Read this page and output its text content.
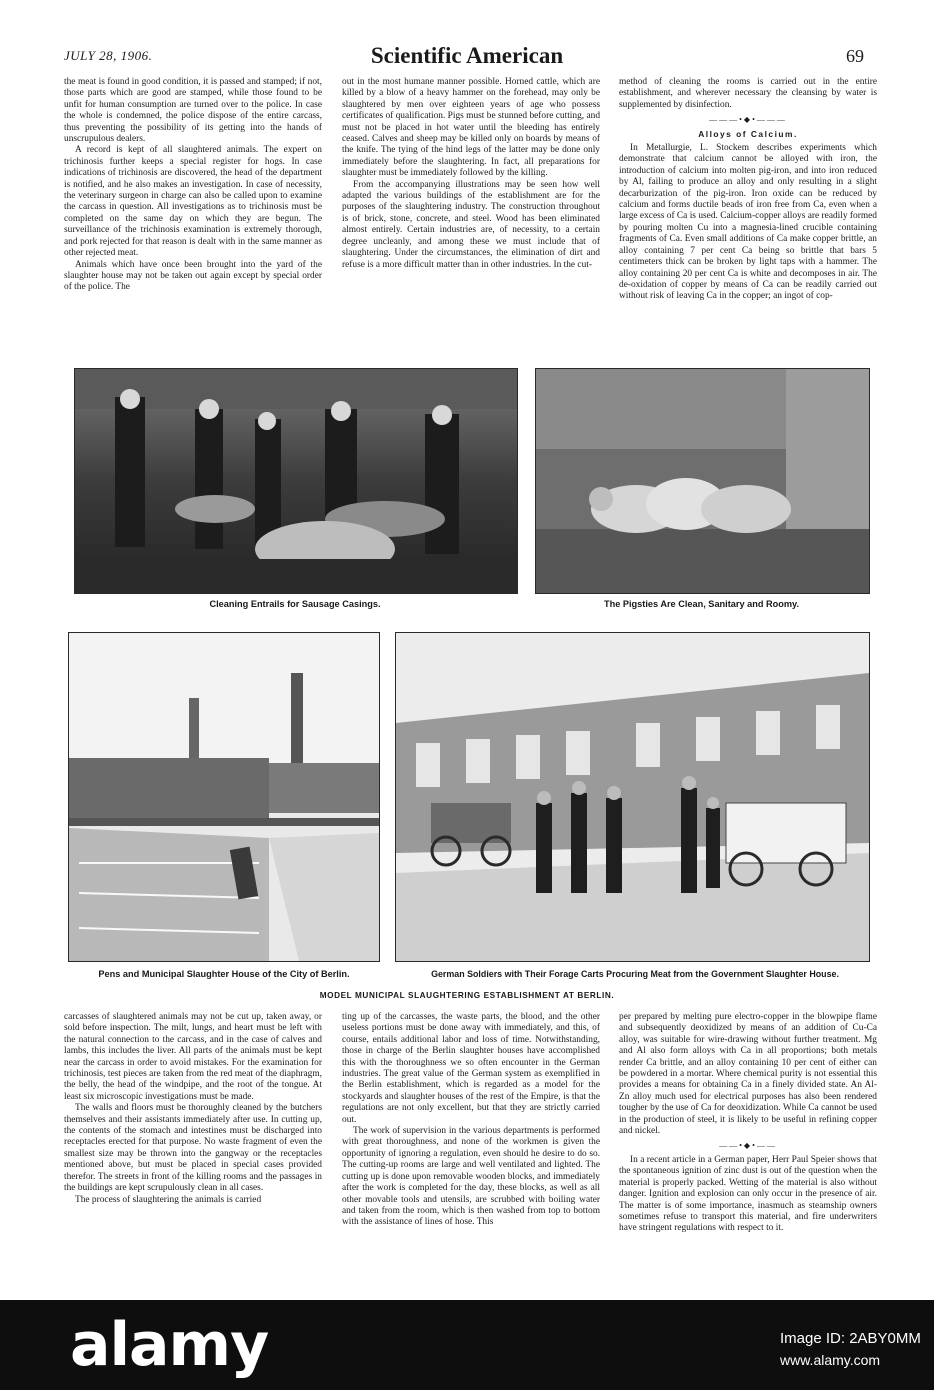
JULY 28, 1906.	Scientific American	69

the meat is found in good condition, it is passed and stamped; if not, those parts which are good are stamped, while those found to be unfit for human consumption are turned over to the police. In case the whole is condemned, the police dispose of the entire carcass, thus preventing the possibility of its getting into the hands of unscrupulous dealers.

A record is kept of all slaughtered animals. The expert on trichinosis further keeps a special register for hogs. In case indications of trichinosis are discovered, the head of the department is notified, and he also makes an investigation. In case of necessity, the veterinary surgeon in charge can also be called upon to examine the carcass in question. All investigations as to trichinosis must be completed on the same day on which they are begun. The surveillance of the trichinosis examination is extremely thorough, and pork rejected for that reason is dealt with in the same manner as other rejected meat.

Animals which have once been brought into the yard of the slaughter house may not be taken out again except by special order of the police. The

out in the most humane manner possible. Horned cattle, which are killed by a blow of a heavy hammer on the forehead, may only be slaughtered by men over eighteen years of age who possess certificates of qualification. Pigs must be stunned before cutting, and must not be placed in hot water until the bleeding has entirely ceased. Calves and sheep may be killed only on boards by means of the knife. The tying of the hind legs of the latter may be done only immediately before the slaughtering. In fact, all preparations for slaughter must be immediately followed by the killing.

From the accompanying illustrations may be seen how well adapted the various buildings of the establishment are for the purposes of the slaughtering industry. The construction throughout is of brick, stone, concrete, and steel. Wood has been eliminated almost entirely. Certain industries are, of necessity, to a certain degree uncleanly, and among these we must include that of slaughtering. Under the circumstances, the elimination of dirt and refuse is a more difficult matter than in other industries. In the cut-

method of cleaning the rooms is carried out in the entire establishment, and wherever necessary the cleansing by water is supplemented by disinfection.

———•◆•———

Alloys of Calcium.

In Metallurgie, L. Stockem describes experiments which demonstrate that calcium cannot be alloyed with iron, the introduction of calcium into molten pig-iron, and into iron reduced by Al, failing to produce an alloy and only resulting in a slight decarburization of the pig-iron. Iron oxide can be reduced by calcium and forms ductile beads of iron free from Ca, even when a large excess of Ca is used. Calcium-copper alloys are readily formed by pouring molten Cu into a magnesia-lined crucible containing fragments of Ca. Even small additions of Ca make copper brittle, an alloy containing 7 per cent Ca being so brittle that bars 5 centimeters thick can be broken by light taps with a hammer. The alloy containing 20 per cent Ca is white and decomposes in air. The de-oxidation of copper by means of Ca can be readily carried out without risk of leaving Ca in the copper; an ingot of cop-

Cleaning Entrails for Sausage Casings.	The Pigsties Are Clean, Sanitary and Roomy.
Pens and Municipal Slaughter House of the City of Berlin.	German Soldiers with Their Forage Carts Procuring Meat from the Government Slaughter House.
MODEL MUNICIPAL SLAUGHTERING ESTABLISHMENT AT BERLIN.

carcasses of slaughtered animals may not be cut up, taken away, or sold before inspection. The milt, lungs, and heart must be left with the natural connection to the carcass, and in the case of calves and lambs, this includes the liver. All parts of the animals must be kept near the carcass in order to avoid mistakes. For the examination for trichinosis, test pieces are taken from the red meat of the diaphragm, the belly, the head of the windpipe, and the root of the tongue. At least six microscopic investigations must be made.

The walls and floors must be thoroughly cleaned by the butchers themselves and their assistants immediately after use. In cutting up, the contents of the stomach and intestines must be discharged into receptacles erected for that purpose. No waste fragment of even the smallest size may be thrown into the gangway or the receptacles mentioned above, but must be placed in special cases provided therefor. The streets in front of the killing rooms and the passages in the buildings are kept scrupulously clean in all cases.

The process of slaughtering the animals is carried

ting up of the carcasses, the waste parts, the blood, and the other useless portions must be done away with immediately, and this, of course, entails additional labor and loss of time. Notwithstanding, those in charge of the Berlin slaughter houses have accomplished this with the thoroughness we so often encounter in the German industries. The great value of the German system as exemplified in the Berlin establishment, which is regarded as a model for the stockyards and slaughter houses of the rest of the Empire, is that the regulations are not only excellent, but that they are strictly carried out.

The work of supervision in the various departments is performed with great thoroughness, and none of the workmen is given the opportunity of ignoring a regulation, even should he desire to do so. The cutting-up rooms are large and well ventilated and lighted. The cutting up is done upon removable wooden blocks, and immediately after the work is completed for the day, these blocks, as well as all other movable tools and utensils, are scrubbed with boiling water and taken from the room, which is then washed from top to bottom with the assistance of lines of hose. This

per prepared by melting pure electro-copper in the blowpipe flame and subsequently deoxidized by means of an addition of Cu-Ca alloy, was suitable for wire-drawing without further treatment. Mg and Al also form alloys with Ca in all proportions; both metals render Ca brittle, and an alloy containing 10 per cent of either can be powdered in a mortar. Where chemical purity is not essential this provides a means for obtaining Ca in a finely divided state. An Al-Zn alloy much used for electrical purposes has also been rendered tougher by the use of Ca for deoxidization. While Ca cannot be used in the production of steel, it is likely to be useful in refining copper and nickel.

——•◆•——

In a recent article in a German paper, Herr Paul Speier shows that the spontaneous ignition of zinc dust is out of the question when the material is properly packed. Wetting of the material is also without danger. Ignition and explosion can only occur in the presence of air. The matter is of some importance, inasmuch as steamship owners sometimes refuse to transport this material, and fire underwriters have stringent regulations with respect to it.

alamy	Image ID: 2ABY0MM
www.alamy.com
